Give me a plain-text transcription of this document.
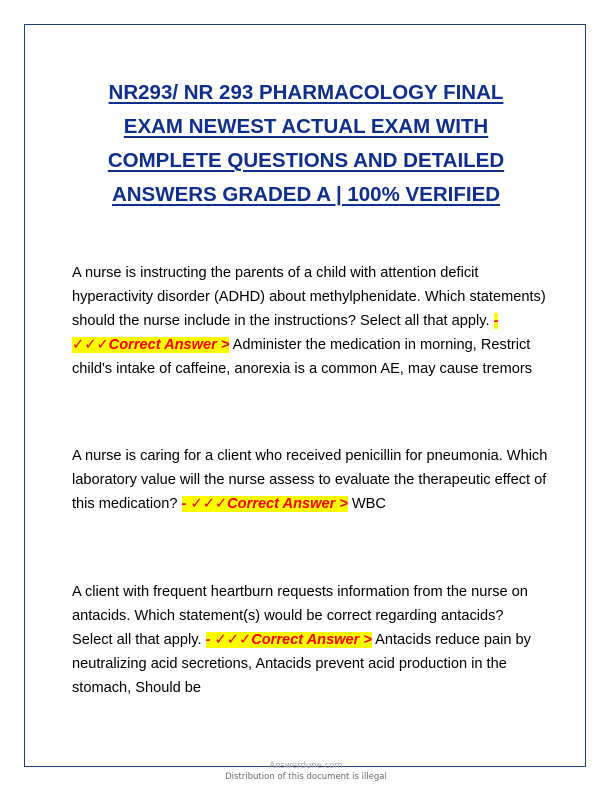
NR293/ NR 293 PHARMACOLOGY FINAL
EXAM NEWEST ACTUAL EXAM WITH
COMPLETE QUESTIONS AND DETAILED
ANSWERS GRADED A | 100% VERIFIED

A nurse is instructing the parents of a child with attention deficit hyperactivity disorder (ADHD) about methylphenidate. Which statements) should the nurse include in the instructions? Select all that apply. - ✓✓✓Correct Answer > Administer the medication in morning, Restrict child's intake of caffeine, anorexia is a common AE, may cause tremors

A nurse is caring for a client who received penicillin for pneumonia. Which laboratory value will the nurse assess to evaluate the therapeutic effect of this medication? - ✓✓✓Correct Answer > WBC

A client with frequent heartburn requests information from the nurse on antacids. Which statement(s) would be correct regarding antacids? Select all that apply. - ✓✓✓Correct Answer > Antacids reduce pain by neutralizing acid secretions, Antacids prevent acid production in the stomach, Should be

Answerdune.com
Distribution of this document is illegal
